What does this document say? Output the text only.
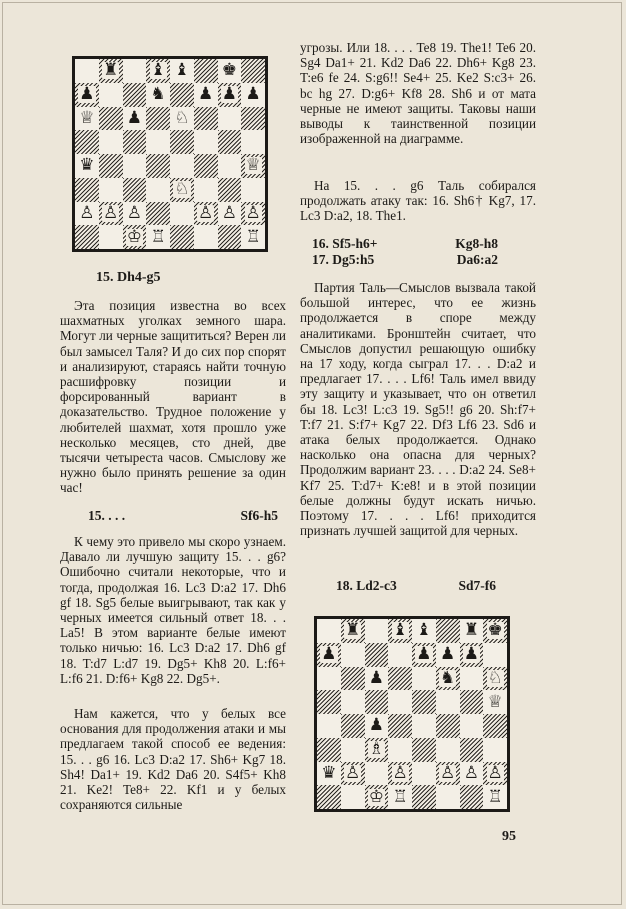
♜ ♝ ♝ ♚
♟	♞ ♟ ♟ ♟
♕ ♟ ♘
♛	♕
♘
♙ ♙ ♙	♙ ♙ ♙
♔ ♖	♖
15. Dh4-g5
Эта позиция известна во всех шахматных уголках земного шара. Могут ли черные защититься? Верен ли был замысел Таля? И до сих пор спорят и анализируют, стараясь найти точную расшифровку позиции и форсированный вариант в доказательство. Трудное положение у любителей шахмат, хотя прошло уже несколько месяцев, сто дней, две тысячи четыреста часов. Смыслову же нужно было принять решение за один час!
15. . . .	Sf6-h5
К чему это привело мы скоро узнаем. Давало ли лучшую защиту 15. . . g6? Ошибочно считали некоторые, что и тогда, продолжая 16. Lc3 D:a2 17. Dh6 gf 18. Sg5 белые выигрывают, так как у черных имеется сильный ответ 18. . . La5! В этом варианте белые имеют только ничью: 16. Lc3 D:a2 17. Dh6 gf 18. T:d7 L:d7 19. Dg5+ Kh8 20. L:f6+ L:f6 21. D:f6+ Kg8 22. Dg5+.
Нам кажется, что у белых все основания для продолжения атаки и мы предлагаем такой способ ее ведения: 15. . . g6 16. Lc3 D:a2 17. Sh6+ Kg7 18. Sh4! Da1+ 19. Kd2 Da6 20. S4f5+ Kh8 21. Ke2! Te8+ 22. Kf1 и у белых сохраняются сильные
угрозы. Или 18. . . . Te8 19. The1! Te6 20. Sg4 Da1+ 21. Kd2 Da6 22. Dh6+ Kg8 23. T:e6 fe 24. S:g6!! Se4+ 25. Ke2 S:c3+ 26. bc hg 27. D:g6+ Kf8 28. Sh6 и от мата черные не имеют защиты. Таковы наши выводы к таинственной позиции изображенной на диаграмме.
На 15. . . g6 Таль собирался продолжать атаку так: 16. Sh6† Kg7, 17. Lc3 D:a2, 18. The1.
16. Sf5-h6+	Kg8-h8
17. Dg5:h5	Da6:a2
Партия Таль—Смыслов вызвала такой большой интерес, что ее жизнь продолжается в споре между аналитиками. Бронштейн считает, что Смыслов допустил решающую ошибку на 17 ходу, когда сыграл 17. . . D:a2 и предлагает 17. . . . Lf6! Таль имел ввиду эту защиту и указывает, что он ответил бы 18. Lc3! L:c3 19. Sg5!! g6 20. Sh:f7+ T:f7 21. S:f7+ Kg7 22. Df3 Lf6 23. Sd6 и атака белых продолжается. Однако насколько она опасна для черных? Продолжим вариант 23. . . . D:a2 24. Se8+ Kf7 25. T:d7+ K:e8! и в этой позиции белые должны будут искать ничью. Поэтому 17. . . . Lf6! приходится признать лучшей защитой для черных.
18. Ld2-c3	Sd7-f6
♜ ♝ ♝ ♜ ♚
♟	♟ ♟ ♟
♟	♞ ♘
♕
♟
♗
♛ ♙ ♙ ♙ ♙ ♙
♔ ♖	♖
95
